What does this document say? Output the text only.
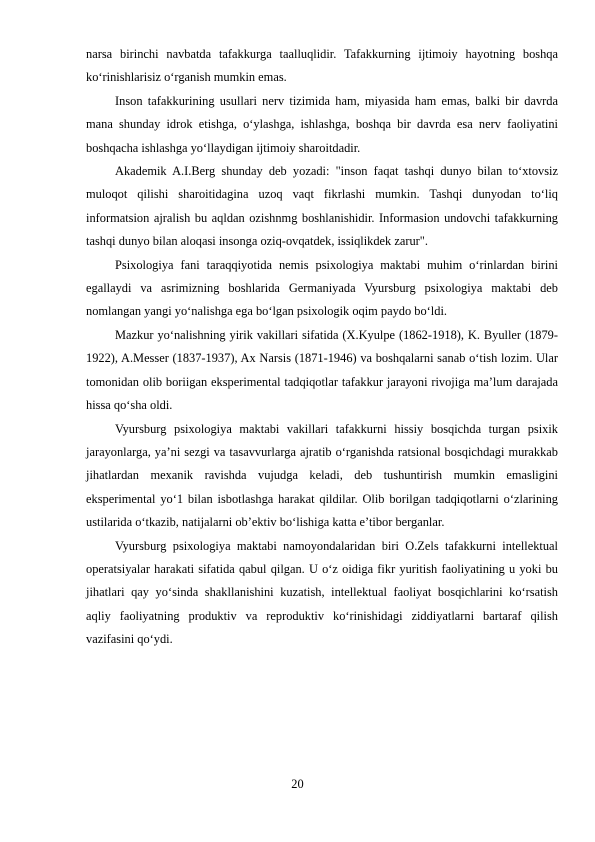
narsa birinchi navbatda tafakkurga taalluqlidir. Tafakkurning ijtimoiy hayotning boshqa ko‘rinishlarisiz o‘rganish mumkin emas.

Inson tafakkurining usullari nerv tizimida ham, miyasida ham emas, balki bir davrda mana shunday idrok etishga, o‘ylashga, ishlashga, boshqa bir davrda esa nerv faoliyatini boshqacha ishlashga yo‘llaydigan ijtimoiy sharoitdadir.

Akademik A.I.Berg shunday deb yozadi: "inson faqat tashqi dunyo bilan to‘xtovsiz muloqot qilishi sharoitidagina uzoq vaqt fikrlashi mumkin. Tashqi dunyodan to‘liq informatsion ajralish bu aqldan ozishnmg boshlanishidir. Informasion undovchi tafakkurning tashqi dunyo bilan aloqasi insonga oziq-ovqatdek, issiqlikdek zarur".

Psixologiya fani taraqqiyotida nemis psixologiya maktabi muhim o‘rinlardan birini egallaydi va asrimizning boshlarida Germaniyada Vyursburg psixologiya maktabi deb nomlangan yangi yo‘nalishga ega bo‘lgan psixologik oqim paydo bo‘ldi.

Mazkur yo‘nalishning yirik vakillari sifatida (X.Kyulpe (1862-1918), K. Byuller (1879-1922), A.Messer (1837-1937), Ax Narsis (1871-1946) va boshqalarni sanab o‘tish lozim. Ular tomonidan olib boriigan eksperimental tadqiqotlar tafakkur jarayoni rivojiga ma’lum darajada hissa qo‘sha oldi.

Vyursburg psixologiya maktabi vakillari tafakkurni hissiy bosqichda turgan psixik jarayonlarga, ya’ni sezgi va tasavvurlarga ajratib o‘rganishda ratsional bosqichdagi murakkab jihatlardan mexanik ravishda vujudga keladi, deb tushuntirish mumkin emasligini eksperimental yo‘1 bilan isbotlashga harakat qildilar. Olib borilgan tadqiqotlarni o‘zlarining ustilarida o‘tkazib, natijalarni ob’ektiv bo‘lishiga katta e’tibor berganlar.

Vyursburg psixologiya maktabi namoyondalaridan biri O.Zels tafakkurni intellektual operatsiyalar harakati sifatida qabul qilgan. U o‘z oidiga fikr yuritish faoliyatining u yoki bu jihatlari qay yo‘sinda shakllanishini kuzatish, intellektual faoliyat bosqichlarini ko‘rsatish aqliy faoliyatning produktiv va reproduktiv ko‘rinishidagi ziddiyatlarni bartaraf qilish vazifasini qo‘ydi.

20
